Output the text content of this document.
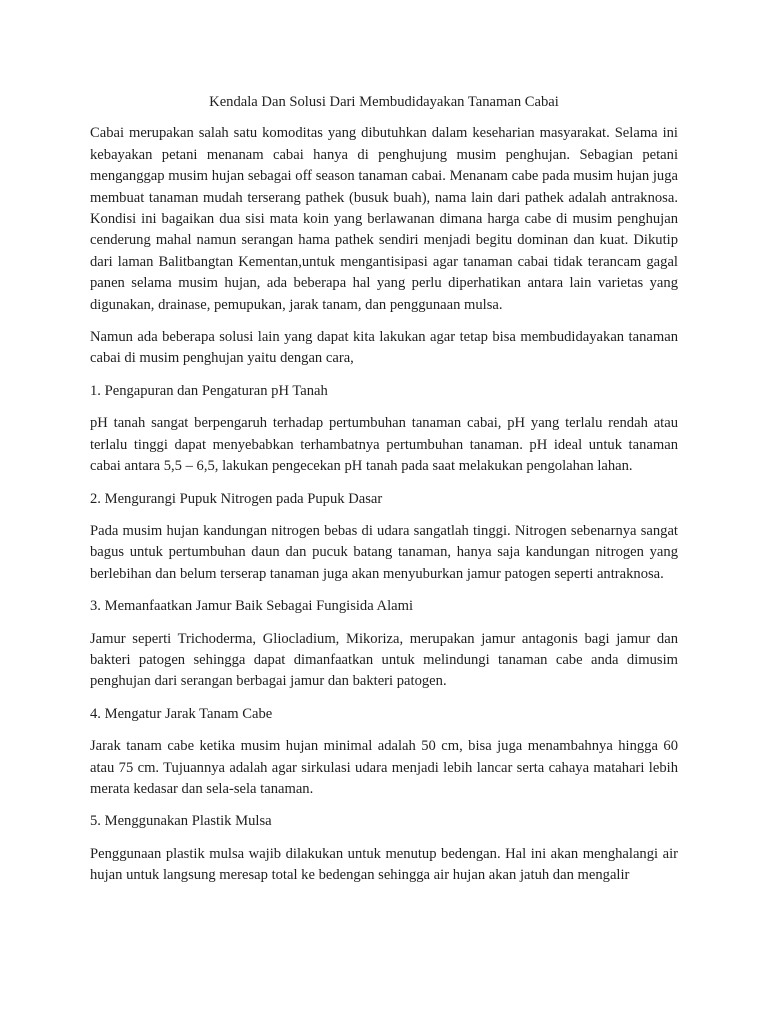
Kendala Dan Solusi Dari Membudidayakan Tanaman Cabai

Cabai merupakan salah satu komoditas yang dibutuhkan dalam keseharian masyarakat. Selama ini kebayakan petani menanam cabai hanya di penghujung musim penghujan. Sebagian petani menganggap musim hujan sebagai off season tanaman cabai. Menanam cabe pada musim hujan juga membuat tanaman mudah terserang pathek (busuk buah), nama lain dari pathek adalah antraknosa. Kondisi ini bagaikan dua sisi mata koin yang berlawanan dimana harga cabe di musim penghujan cenderung mahal namun serangan hama pathek sendiri menjadi begitu dominan dan kuat. Dikutip dari laman Balitbangtan Kementan,untuk mengantisipasi agar tanaman cabai tidak terancam gagal panen selama musim hujan, ada beberapa hal yang perlu diperhatikan antara lain varietas yang digunakan, drainase, pemupukan, jarak tanam, dan penggunaan mulsa.

Namun ada beberapa solusi lain yang dapat kita lakukan agar tetap bisa membudidayakan tanaman cabai di musim penghujan yaitu dengan cara,

1. Pengapuran dan Pengaturan pH Tanah

pH tanah sangat berpengaruh terhadap pertumbuhan tanaman cabai, pH yang terlalu rendah atau terlalu tinggi dapat menyebabkan terhambatnya pertumbuhan tanaman. pH ideal untuk tanaman cabai antara 5,5 – 6,5, lakukan pengecekan pH tanah pada saat melakukan pengolahan lahan.

2. Mengurangi Pupuk Nitrogen pada Pupuk Dasar

Pada musim hujan kandungan nitrogen bebas di udara sangatlah tinggi. Nitrogen sebenarnya sangat bagus untuk pertumbuhan daun dan pucuk batang tanaman, hanya saja kandungan nitrogen yang berlebihan dan belum terserap tanaman juga akan menyuburkan jamur patogen seperti antraknosa.

3. Memanfaatkan Jamur Baik Sebagai Fungisida Alami

Jamur seperti Trichoderma, Gliocladium, Mikoriza, merupakan jamur antagonis bagi jamur dan bakteri patogen sehingga dapat dimanfaatkan untuk melindungi tanaman cabe anda dimusim penghujan dari serangan berbagai jamur dan bakteri patogen.

4. Mengatur Jarak Tanam Cabe

Jarak tanam cabe ketika musim hujan minimal adalah 50 cm, bisa juga menambahnya hingga 60 atau 75 cm. Tujuannya adalah agar sirkulasi udara menjadi lebih lancar serta cahaya matahari lebih merata kedasar dan sela-sela tanaman.

5. Menggunakan Plastik Mulsa

Penggunaan plastik mulsa wajib dilakukan untuk menutup bedengan. Hal ini akan menghalangi air hujan untuk langsung meresap total ke bedengan sehingga air hujan akan jatuh dan mengalir
